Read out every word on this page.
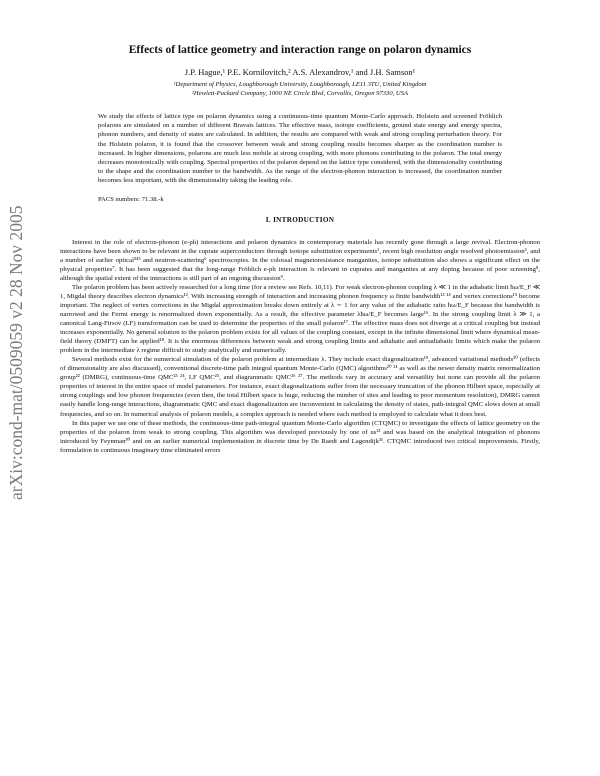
arXiv:cond-mat/0509059 v2 28 Nov 2005
Effects of lattice geometry and interaction range on polaron dynamics
J.P. Hague,¹ P.E. Kornilovitch,² A.S. Alexandrov,¹ and J.H. Samson¹
¹Department of Physics, Loughborough University, Loughborough, LE11 3TU, United Kingdom
²Hewlett-Packard Company, 1000 NE Circle Blvd, Corvallis, Oregon 97330, USA
We study the effects of lattice type on polaron dynamics using a continuous-time quantum Monte-Carlo approach. Holstein and screened Fröhlich polarons are simulated on a number of different Bravais lattices. The effective mass, isotope coefficients, ground state energy and energy spectra, phonon numbers, and density of states are calculated. In addition, the results are compared with weak and strong coupling perturbation theory. For the Holstein polaron, it is found that the crossover between weak and strong coupling results becomes sharper as the coordination number is increased. In higher dimensions, polarons are much less mobile at strong coupling, with more phonons contributing to the polaron. The total energy decreases monotonically with coupling. Spectral properties of the polaron depend on the lattice type considered, with the dimensionality contributing to the shape and the coordination number to the bandwidth. As the range of the electron-phonon interaction is increased, the coordination number becomes less important, with the dimensionality taking the leading role.
PACS numbers: 71.38.-k
I. INTRODUCTION

Interest in the role of electron-phonon (e-ph) interactions and polaron dynamics in contemporary materials has recently gone through a large revival. Electron-phonon interactions have been shown to be relevant in the cuprate superconductors through isotope substitution experiments¹, recent high resolution angle resolved photoemission², and a number of earlier optical³⁴⁵ and neutron-scattering⁶ spectroscopies. In the colossal magnetoresistance manganites, isotope substitution also shows a significant effect on the physical properties⁷. It has been suggested that the long-range Fröhlich e-ph interaction is relevant in cuprates and manganites at any doping because of poor screening⁸, although the spatial extent of the interactions is still part of an ongoing discussion⁹.

The polaron problem has been actively researched for a long time (for a review see Refs. 10,11). For weak electron-phonon coupling λ ≪ 1 in the adiabatic limit ħω/E_F ≪ 1, Migdal theory describes electron dynamics¹². With increasing strength of interaction and increasing phonon frequency ω finite bandwidth¹³ ¹⁴ and vertex corrections¹⁵ become important. The neglect of vertex corrections in the Migdal approximation breaks down entirely at λ ∼ 1 for any value of the adiabatic ratio ħω/E_F because the bandwidth is narrowed and the Fermi energy is renormalized down exponentially. As a result, the effective parameter λħω/E_F becomes large¹⁶. In the strong coupling limit λ ≫ 1, a canonical Lang-Firsov (LF) transformation can be used to determine the properties of the small polaron¹⁷. The effective mass does not diverge at a critical coupling but instead increases exponentially. No general solution to the polaron problem exists for all values of the coupling constant, except in the infinite dimensional limit where dynamical mean-field theory (DMFT) can be applied¹⁸. It is the enormous differences between weak and strong coupling limits and adiabatic and antiadiabatic limits which make the polaron problem in the intermediate λ regime difficult to study analytically and numerically.

Several methods exist for the numerical simulation of the polaron problem at intermediate λ. They include exact diagonalization¹⁹, advanced variational methods²⁰ (effects of dimensionality are also discussed), conventional discrete-time path integral quantum Monte-Carlo (QMC) algorithms²⁰ ²¹ as well as the newer density matrix renormalization group²² (DMRG), continuous-time QMC²³ ²⁴, LF QMC²⁵, and diagrammatic QMC²⁶ ²⁷. The methods vary in accuracy and versatility but none can provide all the polaron properties of interest in the entire space of model parameters. For instance, exact diagonalizations suffer from the necessary truncation of the phonon Hilbert space, especially at strong couplings and low phonon frequencies (even then, the total Hilbert space is huge, reducing the number of sites and leading to poor momentum resolution), DMRG cannot easily handle long-range interactions, diagrammatic QMC and exact diagonalization are inconvenient in calculating the density of states, path-integral QMC slows down at small frequencies, and so on. In numerical analysis of polaron models, a complex approach is needed where each method is employed to calculate what it does best.

In this paper we use one of these methods, the continuous-time path-integral quantum Monte-Carlo algorithm (CTQMC) to investigate the effects of lattice geometry on the properties of the polaron from weak to strong coupling. This algorithm was developed previously by one of us²³ and was based on the analytical integration of phonons introduced by Feynman³⁰ and on an earlier numerical implementation in discrete time by De Raedt and Lagendijk³¹. CTQMC introduced two critical improvements. Firstly, formulation in continuous imaginary time eliminated errors
